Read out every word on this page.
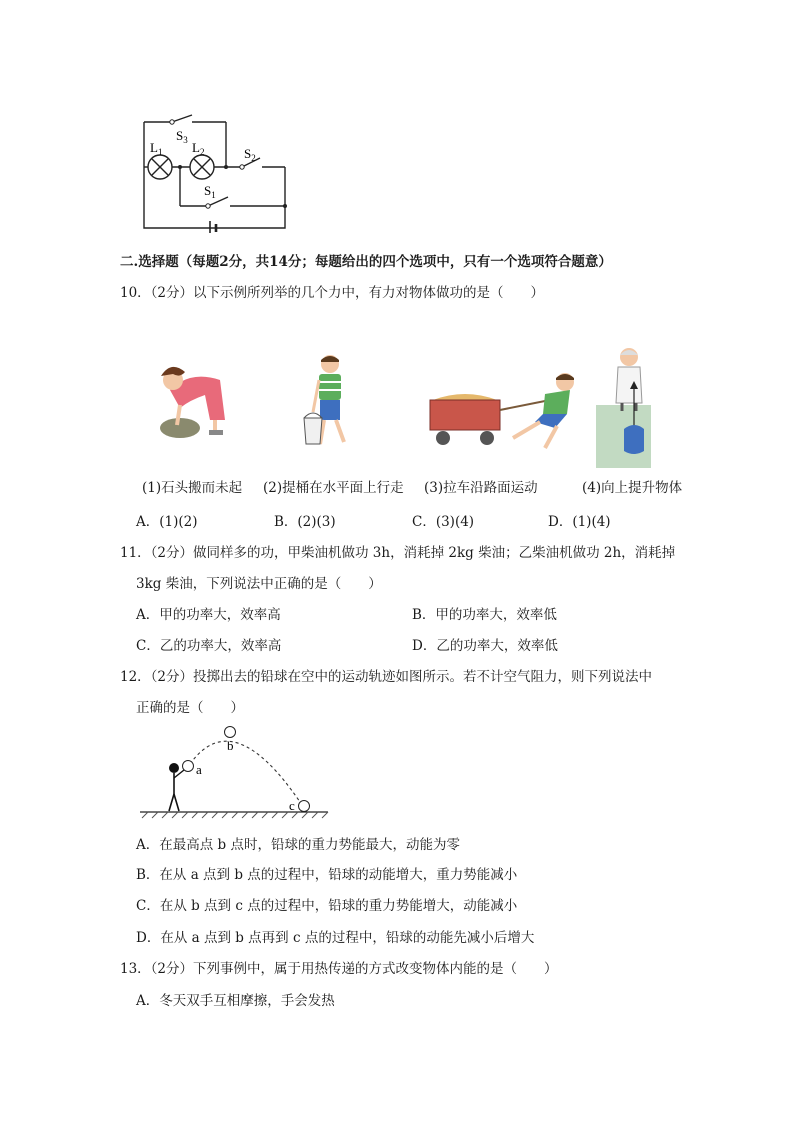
$S_3$
$L_1$ $L_2$	$S_2$
$S_1$
二.选择题（每题2分，共14分；每题给出的四个选项中，只有一个选项符合题意）
10．（2分）以下示例所列举的几个力中，有力对物体做功的是（　　）
(1)石头搬而未起 (2)提桶在水平面上行走 (3)拉车沿路面运动	(4)向上提升物体
A．(1)(2)	B．(2)(3)	C．(3)(4)	D．(1)(4)
11．（2分）做同样多的功，甲柴油机做功 3h，消耗掉 2kg 柴油；乙柴油机做功 2h，消耗掉
3kg 柴油，下列说法中正确的是（　　）
A．甲的功率大，效率高	B．甲的功率大，效率低
C．乙的功率大，效率高	D．乙的功率大，效率低
12．（2分）投掷出去的铅球在空中的运动轨迹如图所示。若不计空气阻力，则下列说法中
正确的是（　　）
a
b
c
A．在最高点 b 点时，铅球的重力势能最大，动能为零
B．在从 a 点到 b 点的过程中，铅球的动能增大，重力势能减小
C．在从 b 点到 c 点的过程中，铅球的重力势能增大，动能减小
D．在从 a 点到 b 点再到 c 点的过程中，铅球的动能先减小后增大
13．（2分）下列事例中，属于用热传递的方式改变物体内能的是（　　）
A．冬天双手互相摩擦，手会发热
